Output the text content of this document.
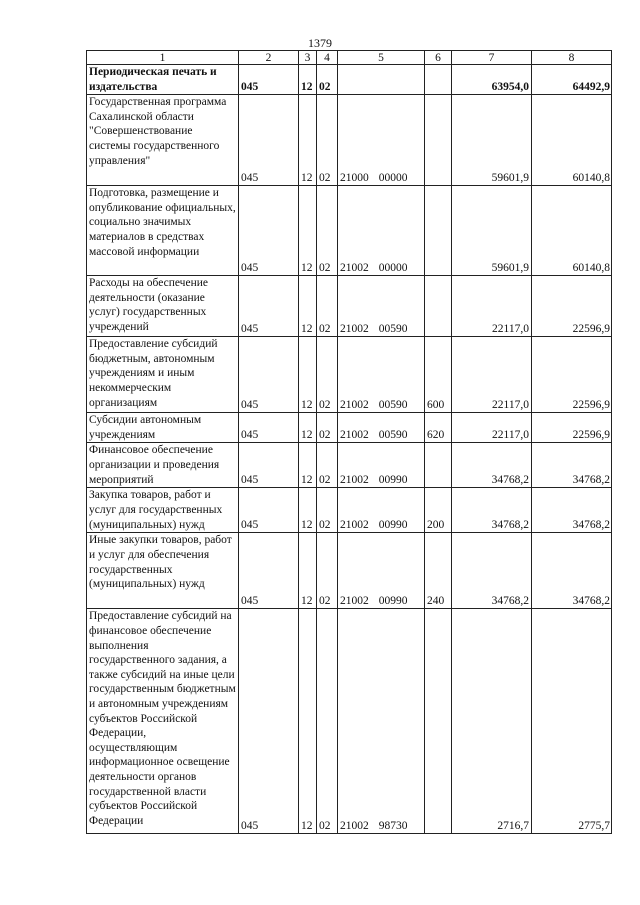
1379
1	2	3	4	5	6	7	8
Периодическая печать и издательства	045	12	02			63954,0	64492,9
Государственная программа Сахалинской области "Совершенствование системы государственного управления"	045	12	02	21000 00000		59601,9	60140,8
Подготовка, размещение и опубликование официальных, социально значимых материалов в средствах массовой информации	045	12	02	21002 00000		59601,9	60140,8
Расходы на обеспечение деятельности (оказание услуг) государственных учреждений	045	12	02	21002 00590		22117,0	22596,9
Предоставление субсидий бюджетным, автономным учреждениям и иным некоммерческим организациям	045	12	02	21002 00590	600	22117,0	22596,9
Субсидии автономным учреждениям	045	12	02	21002 00590	620	22117,0	22596,9
Финансовое обеспечение организации и проведения мероприятий	045	12	02	21002 00990		34768,2	34768,2
Закупка товаров, работ и услуг для государственных (муниципальных) нужд	045	12	02	21002 00990	200	34768,2	34768,2
Иные закупки товаров, работ и услуг для обеспечения государственных (муниципальных) нужд	045	12	02	21002 00990	240	34768,2	34768,2
Предоставление субсидий на финансовое обеспечение выполнения государственного задания, а также субсидий на иные цели государственным бюджетным и автономным учреждениям субъектов Российской Федерации, осуществляющим информационное освещение деятельности органов государственной власти субъектов Российской Федерации	045	12	02	21002 98730		2716,7	2775,7
